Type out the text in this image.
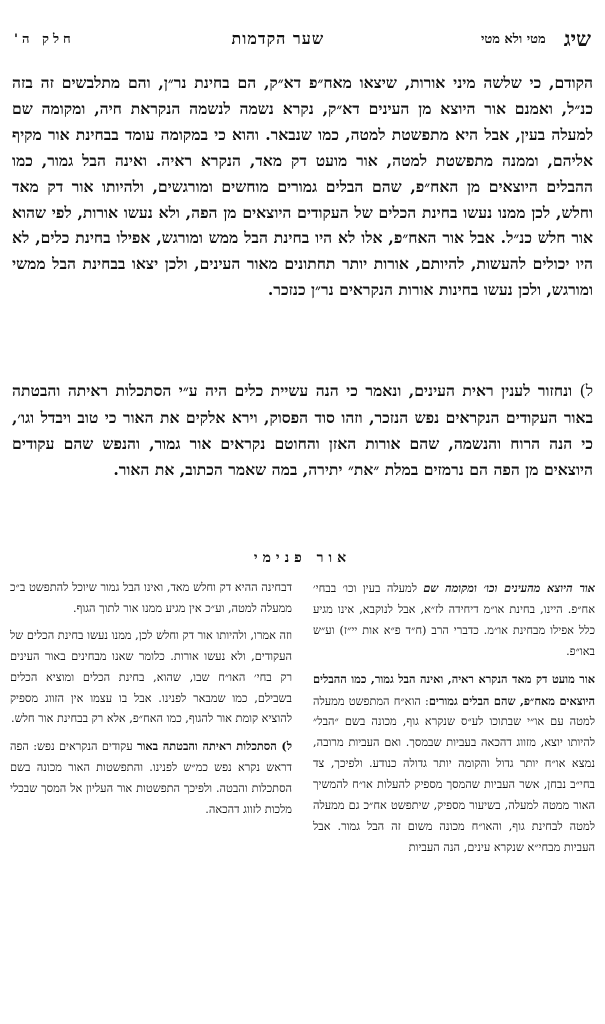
שיג
מטי ולא מטי
שער הקדמות
חלק ה'

הקודם, כי שלשה מיני אורות, שיצאו מאח״פ דא״ק, הם בחינת נר״ן, והם מתלבשים זה בזה כנ״ל, ואמנם אור היוצא מן העינים דא״ק, נקרא נשמה לנשמה הנקראת חיה, ומקומה שם למעלה בעין, אבל היא מתפשטת למטה, כמו שנבאר. והוא כי במקומה עומד בבחינת אור מקיף אליהם, וממנה מתפשטת למטה, אור מועט דק מאד, הנקרא ראיה. ואינה הבל גמור, כמו ההבלים היוצאים מן האח״פ, שהם הבלים גמורים מוחשים ומורגשים, ולהיותו אור דק מאד וחלש, לכן ממנו נעשו בחינת הכלים של העקודים היוצאים מן הפה, ולא נעשו אורות, לפי שהוא אור חלש כנ״ל. אבל אור האח״פ, אלו לא היו בחינת הבל ממש ומורגש, אפילו בחינת כלים, לא היו יכולים להעשות, להיותם, אורות יותר תחתונים מאור העינים, ולכן יצאו בבחינת הבל ממשי ומורגש, ולכן נעשו בחינות אורות הנקראים נר״ן כנזכר.

ל) ונחזור לענין ראית העינים, ונאמר כי הנה עשיית כלים היה ע״י הסתכלות ראיתה והבטתה באור העקודים הנקראים נפש הנזכר, וזהו סוד הפסוק, וירא אלקים את האור כי טוב ויבדל וגו׳, כי הנה הרוח והנשמה, שהם אורות האזן והחוטם נקראים אור גמור, והנפש שהם עקודים היוצאים מן הפה הם נרמזים במלת ״את״ יתירה, במה שאמר הכתוב, את האור.

אור פנימי

אור היוצא מהעינים וכו׳ ומקומה שם למעלה בעין וכו׳ בבחי׳ אח״פ. היינו, בחינת או״מ דיחידה לז״א, אבל לנוקבא, אינו מגיע כלל אפילו מבחינת או״מ. כדברי הרב (ח״ד פ״א אות יי״ז) וע״ש באו״פ.

אור מועט דק מאד הנקרא ראיה, ואינה הבל גמור, כמו ההבלים היוצאים מאח״פ, שהם הבלים גמורים: הוא״ח המתפשט ממעלה למטה עם או״י שבתוכו לע״ס שנקרא גוף, מכונה בשם ״הבל״ להיותו יוצא, מזווג דהכאה בעביות שבמסך. ואם העביות מרובה, נמצא או״ח יותר גדול והקומה יותר גדולה כנודע. ולפיכך, צד בחי״ב נבחן, אשר העביות שהמסך מספיק להעלות או״ח להמשיך האור ממטה למעלה, בשיעור מספיק, שיתפשט אח״כ גם ממעלה למטה לבחינת גוף, והאו״ח מכונה משום זה הבל גמור. אבל העביות מבחי״א שנקרא עינים, הנה העביות

דבחינה ההיא דק וחלש מאד, ואינו הבל גמור שיוכל להתפשט ב״כ ממעלה למטה, וע״כ אין מגיע ממנו אור לתוך הגוף.

וזה אמרו, ולהיותו אור דק וחלש לכן, ממנו נעשו בחינת הכלים של העקודים, ולא נעשו אורות. כלומר שאנו מבחינים באור העינים רק בחי׳ האו״ח שבו, שהוא, בחינת הכלים ומוציא הכלים בשבילם, כמו שמבאר לפנינו. אבל בו עצמו אין הזווג מספיק להוציא קומת אור להגוף, כמו האח״פ, אלא רק בבחינת אור חלש.

ל) הסתכלות ראיתה והבטתה באור עקודים הנקראים נפש: הפה דראש נקרא נפש כמ״ש לפנינו. והתפשטות האור מכונה בשם הסתכלות והבטה. ולפיכך התפשטות אור העליון אל המסך שבכלי מלכות לזווג דהכאה.
